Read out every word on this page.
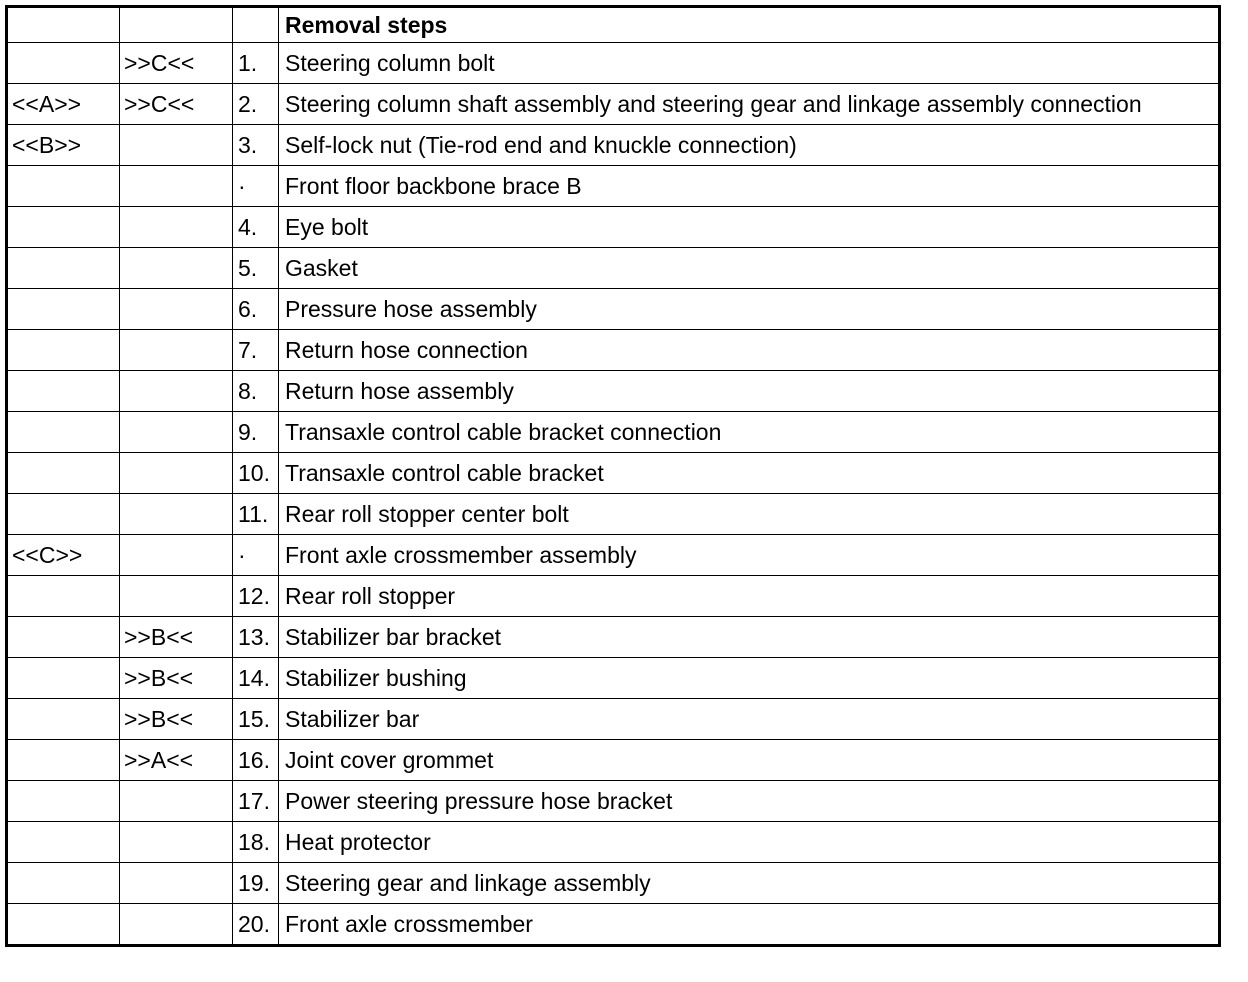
			Removal steps
	>>C<<	1.	Steering column bolt
<<A>>	>>C<<	2.	Steering column shaft assembly and steering gear and linkage assembly connection
<<B>>		3.	Self-lock nut (Tie-rod end and knuckle connection)
		·	Front floor backbone brace B
		4.	Eye bolt
		5.	Gasket
		6.	Pressure hose assembly
		7.	Return hose connection
		8.	Return hose assembly
		9.	Transaxle control cable bracket connection
		10.	Transaxle control cable bracket
		11.	Rear roll stopper center bolt
<<C>>		·	Front axle crossmember assembly
		12.	Rear roll stopper
	>>B<<	13.	Stabilizer bar bracket
	>>B<<	14.	Stabilizer bushing
	>>B<<	15.	Stabilizer bar
	>>A<<	16.	Joint cover grommet
		17.	Power steering pressure hose bracket
		18.	Heat protector
		19.	Steering gear and linkage assembly
		20.	Front axle crossmember
